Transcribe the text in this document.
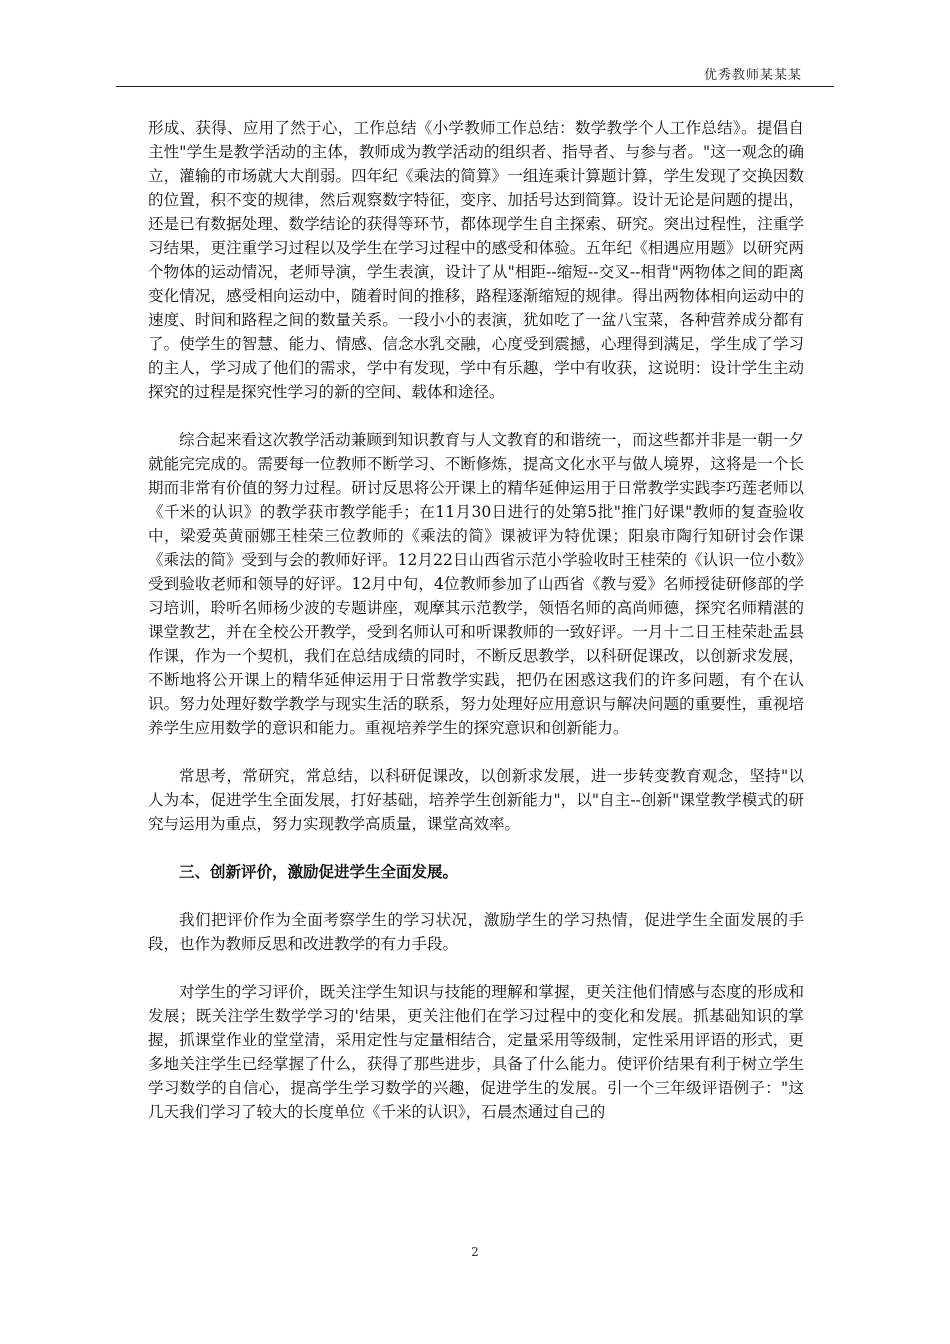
优秀教师某某某

形成、获得、应用了然于心，工作总结《小学教师工作总结：数学教学个人工作总结》。提倡自主性"学生是教学活动的主体，教师成为教学活动的组织者、指导者、与参与者。"这一观念的确立，灌输的市场就大大削弱。四年纪《乘法的简算》一组连乘计算题计算，学生发现了交换因数的位置，积不变的规律，然后观察数字特征，变序、加括号达到简算。设计无论是问题的提出，还是已有数据处理、数学结论的获得等环节，都体现学生自主探索、研究。突出过程性，注重学习结果，更注重学习过程以及学生在学习过程中的感受和体验。五年纪《相遇应用题》以研究两个物体的运动情况，老师导演，学生表演，设计了从"相距--缩短--交叉--相背"两物体之间的距离变化情况，感受相向运动中，随着时间的推移，路程逐渐缩短的规律。得出两物体相向运动中的速度、时间和路程之间的数量关系。一段小小的表演，犹如吃了一盆八宝菜，各种营养成分都有了。使学生的智慧、能力、情感、信念水乳交融，心度受到震撼，心理得到满足，学生成了学习的主人，学习成了他们的需求，学中有发现，学中有乐趣，学中有收获，这说明：设计学生主动探究的过程是探究性学习的新的空间、载体和途径。

综合起来看这次教学活动兼顾到知识教育与人文教育的和谐统一，而这些都并非是一朝一夕就能完完成的。需要每一位教师不断学习、不断修炼，提高文化水平与做人境界，这将是一个长期而非常有价值的努力过程。研讨反思将公开课上的精华延伸运用于日常教学实践李巧莲老师以《千米的认识》的教学获市教学能手；在11月30日进行的处第5批"推门好课"教师的复查验收中，梁爱英黄丽娜王桂荣三位教师的《乘法的简》课被评为特优课；阳泉市陶行知研讨会作课《乘法的简》受到与会的教师好评。12月22日山西省示范小学验收时王桂荣的《认识一位小数》受到验收老师和领导的好评。12月中旬，4位教师参加了山西省《教与爱》名师授徒研修部的学习培训，聆听名师杨少波的专题讲座，观摩其示范教学，领悟名师的高尚师德，探究名师精湛的课堂教艺，并在全校公开教学，受到名师认可和听课教师的一致好评。一月十二日王桂荣赴盂县作课，作为一个契机，我们在总结成绩的同时，不断反思教学，以科研促课改，以创新求发展，不断地将公开课上的精华延伸运用于日常教学实践，把仍在困惑这我们的许多问题，有个在认识。努力处理好数学教学与现实生活的联系，努力处理好应用意识与解决问题的重要性，重视培养学生应用数学的意识和能力。重视培养学生的探究意识和创新能力。

常思考，常研究，常总结，以科研促课改，以创新求发展，进一步转变教育观念，坚持"以人为本，促进学生全面发展，打好基础，培养学生创新能力"，以"自主--创新"课堂教学模式的研究与运用为重点，努力实现教学高质量，课堂高效率。

三、创新评价，激励促进学生全面发展。

我们把评价作为全面考察学生的学习状况，激励学生的学习热情，促进学生全面发展的手段，也作为教师反思和改进教学的有力手段。

对学生的学习评价，既关注学生知识与技能的理解和掌握，更关注他们情感与态度的形成和发展；既关注学生数学学习的'结果，更关注他们在学习过程中的变化和发展。抓基础知识的掌握，抓课堂作业的堂堂清，采用定性与定量相结合，定量采用等级制，定性采用评语的形式，更多地关注学生已经掌握了什么，获得了那些进步，具备了什么能力。使评价结果有利于树立学生学习数学的自信心，提高学生学习数学的兴趣，促进学生的发展。引一个三年级评语例子："这几天我们学习了较大的长度单位《千米的认识》，石晨杰通过自己的

2
